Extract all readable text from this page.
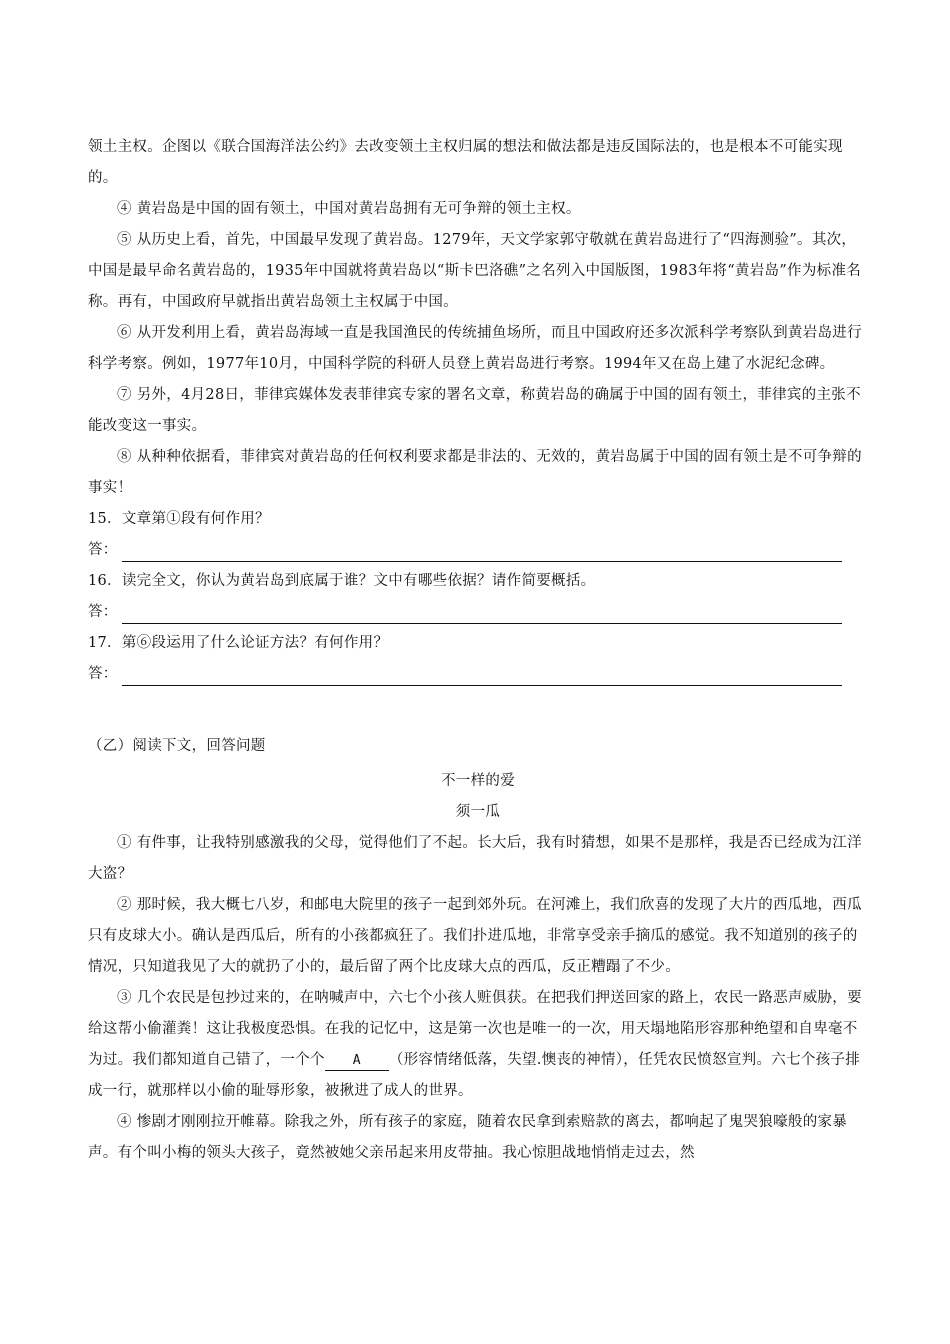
领土主权。企图以《联合国海洋法公约》去改变领土主权归属的想法和做法都是违反国际法的，也是根本不可能实现的。

④ 黄岩岛是中国的固有领土，中国对黄岩岛拥有无可争辩的领土主权。

⑤ 从历史上看，首先，中国最早发现了黄岩岛。1279年，天文学家郭守敬就在黄岩岛进行了“四海测验”。其次，中国是最早命名黄岩岛的，1935年中国就将黄岩岛以“斯卡巴洛礁”之名列入中国版图，1983年将“黄岩岛”作为标准名称。再有，中国政府早就指出黄岩岛领土主权属于中国。

⑥ 从开发利用上看，黄岩岛海域一直是我国渔民的传统捕鱼场所，而且中国政府还多次派科学考察队到黄岩岛进行科学考察。例如，1977年10月，中国科学院的科研人员登上黄岩岛进行考察。1994年又在岛上建了水泥纪念碑。

⑦ 另外，4月28日，菲律宾媒体发表菲律宾专家的署名文章，称黄岩岛的确属于中国的固有领土，菲律宾的主张不能改变这一事实。

⑧ 从种种依据看，菲律宾对黄岩岛的任何权利要求都是非法的、无效的，黄岩岛属于中国的固有领土是不可争辩的事实！

15．文章第①段有何作用？

答：

16．读完全文，你认为黄岩岛到底属于谁？文中有哪些依据？请作简要概括。

答：

17．第⑥段运用了什么论证方法？有何作用？

答：

（乙）阅读下文，回答问题

不一样的爱

须一瓜

① 有件事，让我特别感激我的父母，觉得他们了不起。长大后，我有时猜想，如果不是那样，我是否已经成为江洋大盗？

② 那时候，我大概七八岁，和邮电大院里的孩子一起到郊外玩。在河滩上，我们欣喜的发现了大片的西瓜地，西瓜只有皮球大小。确认是西瓜后，所有的小孩都疯狂了。我们扑进瓜地，非常享受亲手摘瓜的感觉。我不知道别的孩子的情况，只知道我见了大的就扔了小的，最后留了两个比皮球大点的西瓜，反正糟蹋了不少。

③ 几个农民是包抄过来的，在呐喊声中，六七个小孩人赃俱获。在把我们押送回家的路上，农民一路恶声威胁，要给这帮小偷灌粪！这让我极度恐惧。在我的记忆中，这是第一次也是唯一的一次，用天塌地陷形容那种绝望和自卑毫不为过。我们都知道自己错了，一个个 A （形容情绪低落，失望.懊丧的神情），任凭农民愤怒宣判。六七个孩子排成一行，就那样以小偷的耻辱形象，被揪进了成人的世界。

④ 惨剧才刚刚拉开帷幕。除我之外，所有孩子的家庭，随着农民拿到索赔款的离去，都响起了鬼哭狼嚎般的家暴声。有个叫小梅的领头大孩子，竟然被她父亲吊起来用皮带抽。我心惊胆战地悄悄走过去，然
